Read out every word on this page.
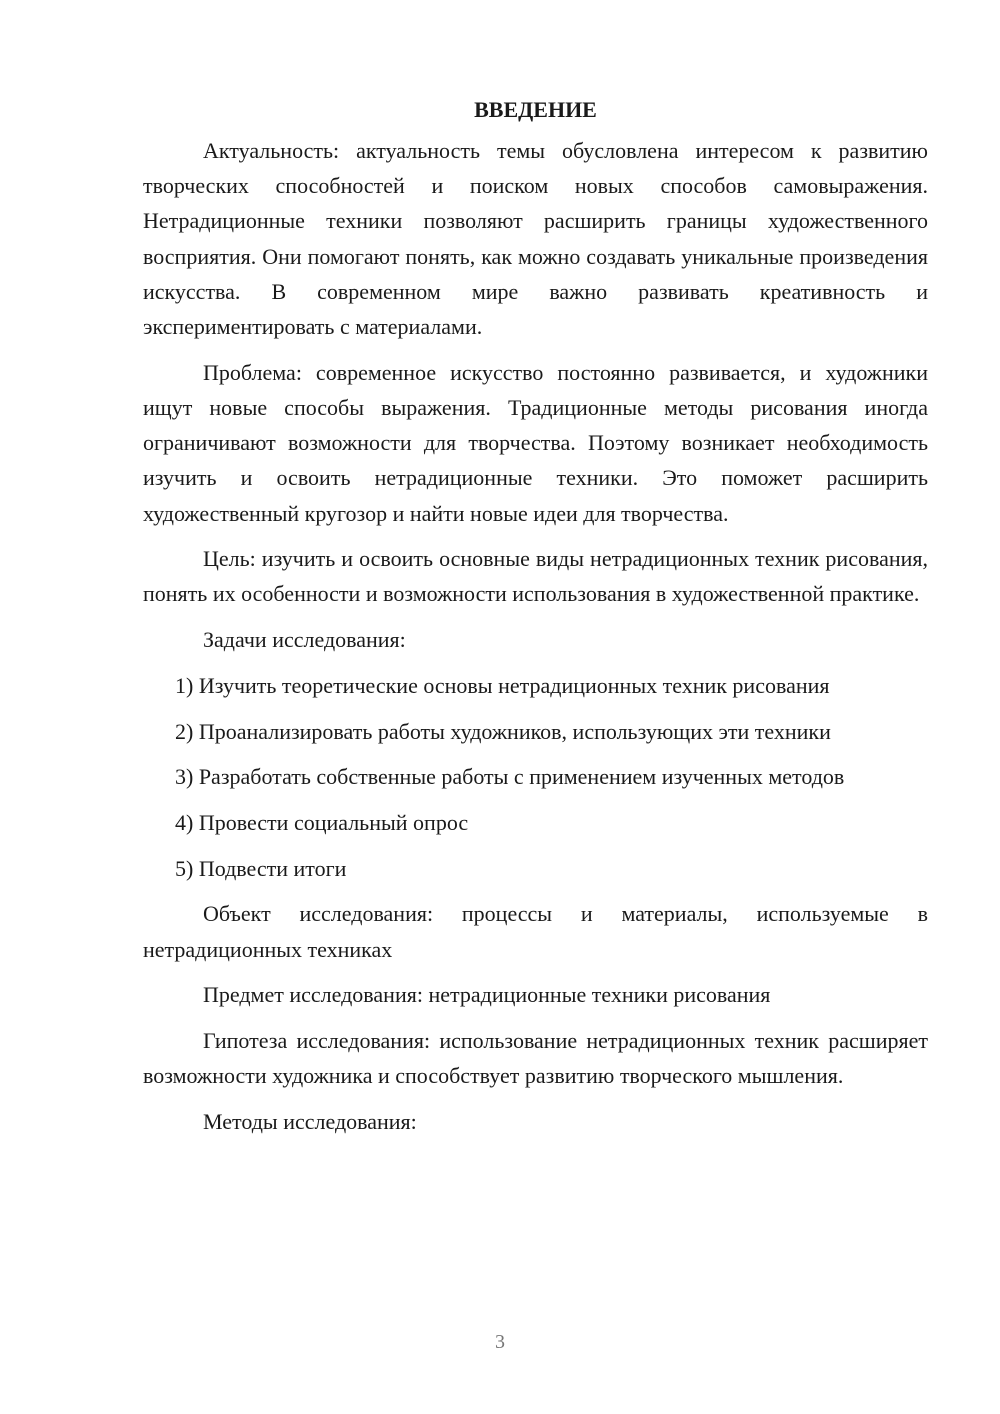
ВВЕДЕНИЕ

Актуальность: актуальность темы обусловлена интересом к развитию творческих способностей и поиском новых способов самовыражения. Нетрадиционные техники позволяют расширить границы художественного восприятия. Они помогают понять, как можно создавать уникальные произведения искусства. В современном мире важно развивать креативность и экспериментировать с материалами.

Проблема: современное искусство постоянно развивается, и художники ищут новые способы выражения. Традиционные методы рисования иногда ограничивают возможности для творчества. Поэтому возникает необходимость изучить и освоить нетрадиционные техники. Это поможет расширить художественный кругозор и найти новые идеи для творчества.

Цель: изучить и освоить основные виды нетрадиционных техник рисования, понять их особенности и возможности использования в художественной практике.

Задачи исследования:

1) Изучить теоретические основы нетрадиционных техник рисования

2) Проанализировать работы художников, использующих эти техники

3) Разработать собственные работы с применением изученных методов

4) Провести социальный опрос

5) Подвести итоги

Объект исследования: процессы и материалы, используемые в нетрадиционных техниках

Предмет исследования: нетрадиционные техники рисования

Гипотеза исследования: использование нетрадиционных техник расширяет возможности художника и способствует развитию творческого мышления.

Методы исследования:

3
